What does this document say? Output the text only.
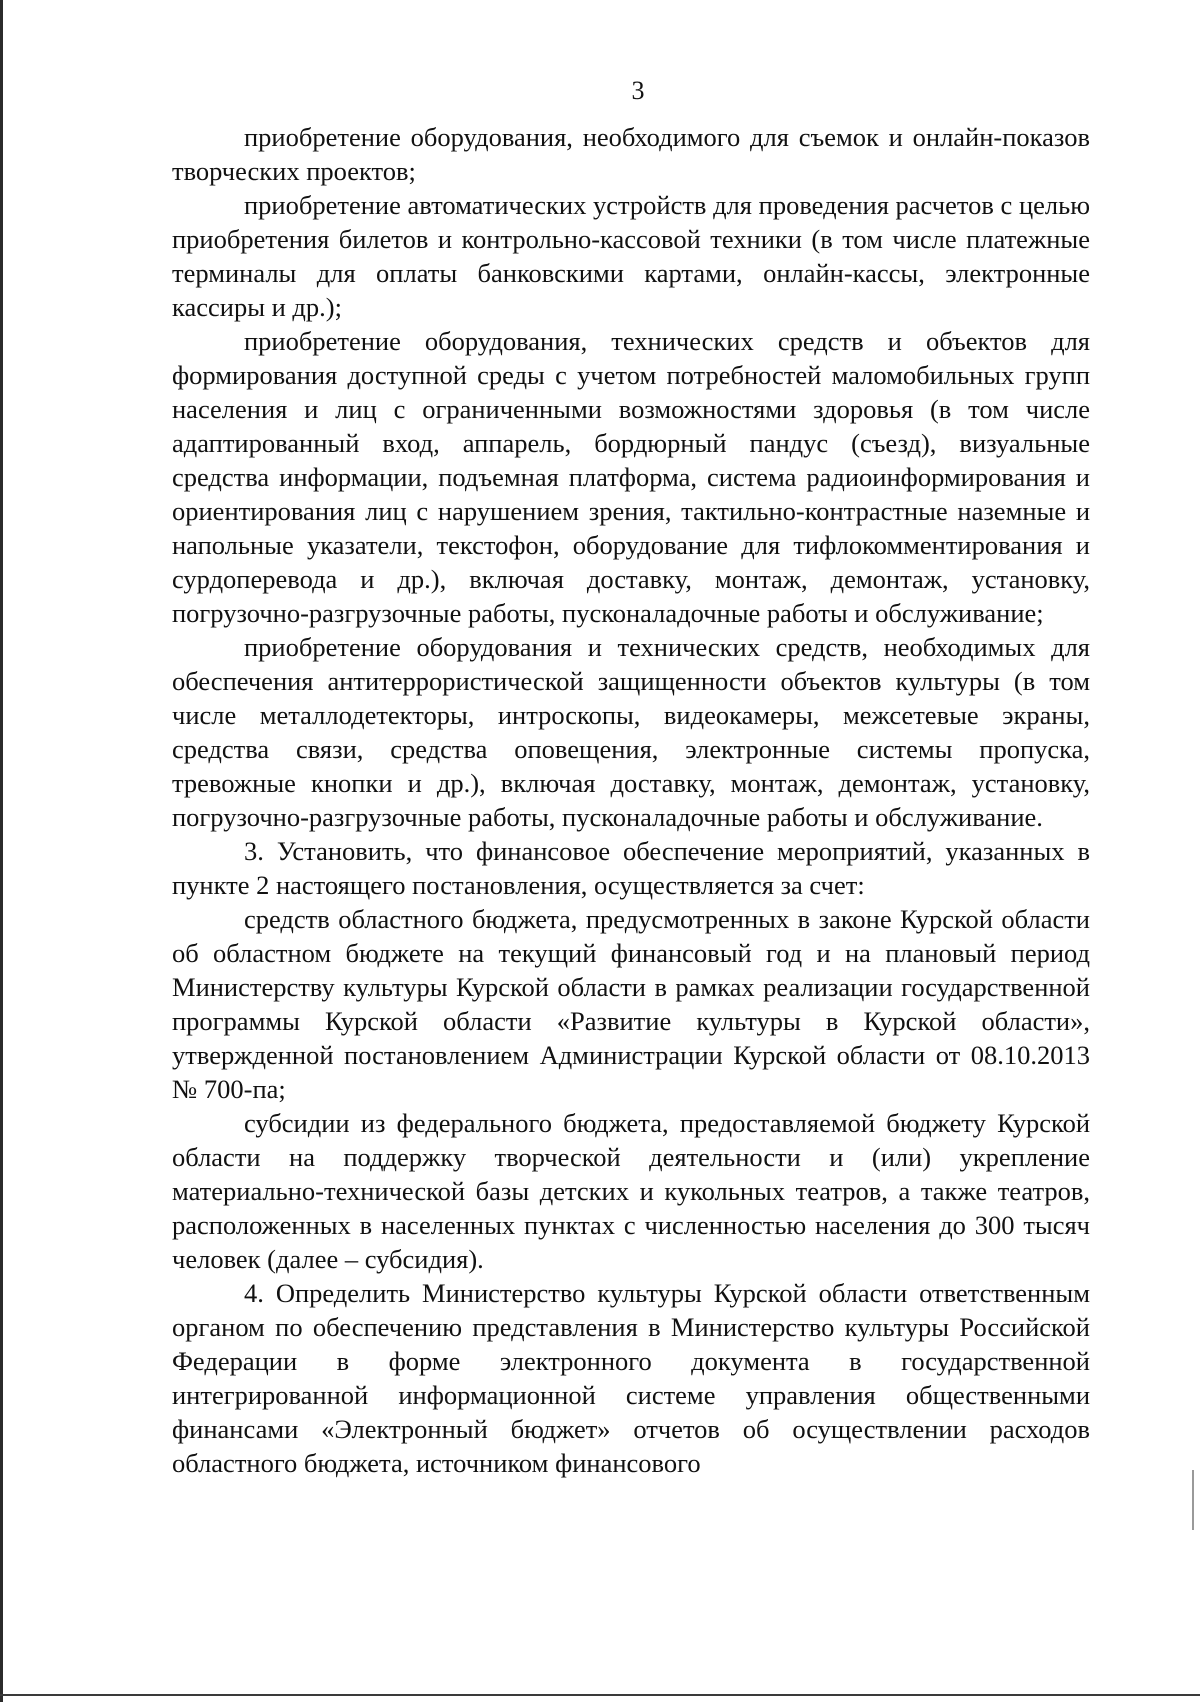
3

приобретение оборудования, необходимого для съемок и онлайн-показов творческих проектов;

приобретение автоматических устройств для проведения расчетов с целью приобретения билетов и контрольно-кассовой техники (в том числе платежные терминалы для оплаты банковскими картами, онлайн-кассы, электронные кассиры и др.);

приобретение оборудования, технических средств и объектов для формирования доступной среды с учетом потребностей маломобильных групп населения и лиц с ограниченными возможностями здоровья (в том числе адаптированный вход, аппарель, бордюрный пандус (съезд), визуальные средства информации, подъемная платформа, система радиоинформирования и ориентирования лиц с нарушением зрения, тактильно-контрастные наземные и напольные указатели, текстофон, оборудование для тифлокомментирования и сурдоперевода и др.), включая доставку, монтаж, демонтаж, установку, погрузочно-разгрузочные работы, пусконаладочные работы и обслуживание;

приобретение оборудования и технических средств, необходимых для обеспечения антитеррористической защищенности объектов культуры (в том числе металлодетекторы, интроскопы, видеокамеры, межсетевые экраны, средства связи, средства оповещения, электронные системы пропуска, тревожные кнопки и др.), включая доставку, монтаж, демонтаж, установку, погрузочно-разгрузочные работы, пусконаладочные работы и обслуживание.

3. Установить, что финансовое обеспечение мероприятий, указанных в пункте 2 настоящего постановления, осуществляется за счет:

средств областного бюджета, предусмотренных в законе Курской области об областном бюджете на текущий финансовый год и на плановый период Министерству культуры Курской области в рамках реализации государственной программы Курской области «Развитие культуры в Курской области», утвержденной постановлением Администрации Курской области от 08.10.2013 № 700-па;

субсидии из федерального бюджета, предоставляемой бюджету Курской области на поддержку творческой деятельности и (или) укрепление материально-технической базы детских и кукольных театров, а также театров, расположенных в населенных пунктах с численностью населения до 300 тысяч человек (далее – субсидия).

4. Определить Министерство культуры Курской области ответственным органом по обеспечению представления в Министерство культуры Российской Федерации в форме электронного документа в государственной интегрированной информационной системе управления общественными финансами «Электронный бюджет» отчетов об осуществлении расходов областного бюджета, источником финансового
